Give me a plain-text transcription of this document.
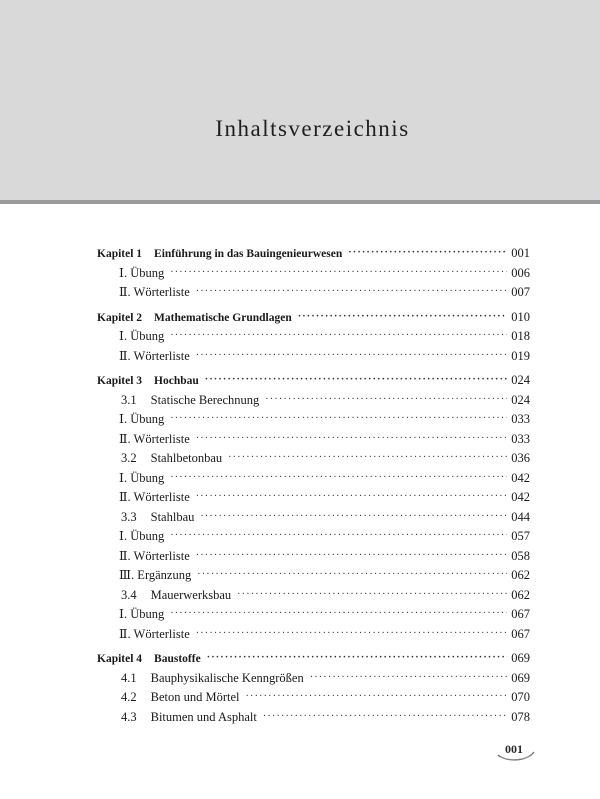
Inhaltsverzeichnis
Kapitel 1 Einführung in das Bauingenieurwesen ·····	001
Ⅰ. Übung ·····	006
Ⅱ. Wörterliste ·····	007
Kapitel 2 Mathematische Grundlagen ·····	010
Ⅰ. Übung ·····	018
Ⅱ. Wörterliste ·····	019
Kapitel 3 Hochbau ·····	024
3.1 Statische Berechnung ·····	024
Ⅰ. Übung ·····	033
Ⅱ. Wörterliste ·····	033
3.2 Stahlbetonbau ·····	036
Ⅰ. Übung ·····	042
Ⅱ. Wörterliste ·····	042
3.3 Stahlbau ·····	044
Ⅰ. Übung ·····	057
Ⅱ. Wörterliste ·····	058
Ⅲ. Ergänzung ·····	062
3.4 Mauerwerksbau ·····	062
Ⅰ. Übung ·····	067
Ⅱ. Wörterliste ·····	067
Kapitel 4 Baustoffe ·····	069
4.1 Bauphysikalische Kenngrößen ·····	069
4.2 Beton und Mörtel ·····	070
4.3 Bitumen und Asphalt ·····	078
001
